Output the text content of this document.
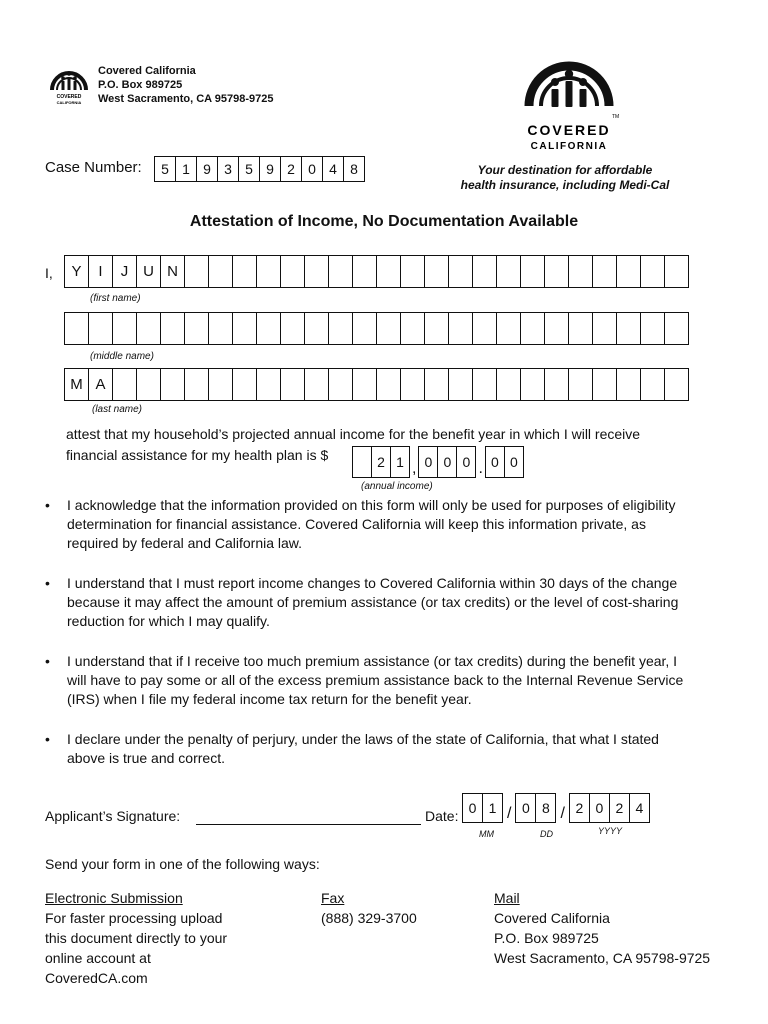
COVERED
CALIFORNIA
Covered California
P.O. Box 989725
West Sacramento, CA 95798-9725
TM
COVERED
CALIFORNIA
Your destination for affordable
health insurance, including Medi-Cal
Case Number:	5 1 9 3 5 9 2 0 4 8
Attestation of Income, No Documentation Available
I,	Y	I	J U N
(first name)
(middle name)
M A
(last name)
attest that my household’s projected annual income for the benefit year in which I will receive
financial assistance for my health plan is $	2 1 , 0 0 0 . 0 0
(annual income)
• I acknowledge that the information provided on this form will only be used for purposes of eligibility determination for financial assistance. Covered California will keep this information private, as required by federal and California law.
• I understand that I must report income changes to Covered California within 30 days of the change because it may affect the amount of premium assistance (or tax credits) or the level of cost-sharing reduction for which I may qualify.
• I understand that if I receive too much premium assistance (or tax credits) during the benefit year, I will have to pay some or all of the excess premium assistance back to the Internal Revenue Service (IRS) when I file my federal income tax return for the benefit year.
• I declare under the penalty of perjury, under the laws of the state of California, that what I stated above is true and correct.
Applicant’s Signature:	Date: 0 1 / 0 8 / 2 0 2 4
MM	DD	YYYY
Send your form in one of the following ways:
Electronic Submission
For faster processing upload
this document directly to your
online account at
CoveredCA.com
Fax
(888) 329-3700
Mail
Covered California
P.O. Box 989725
West Sacramento, CA 95798-9725
